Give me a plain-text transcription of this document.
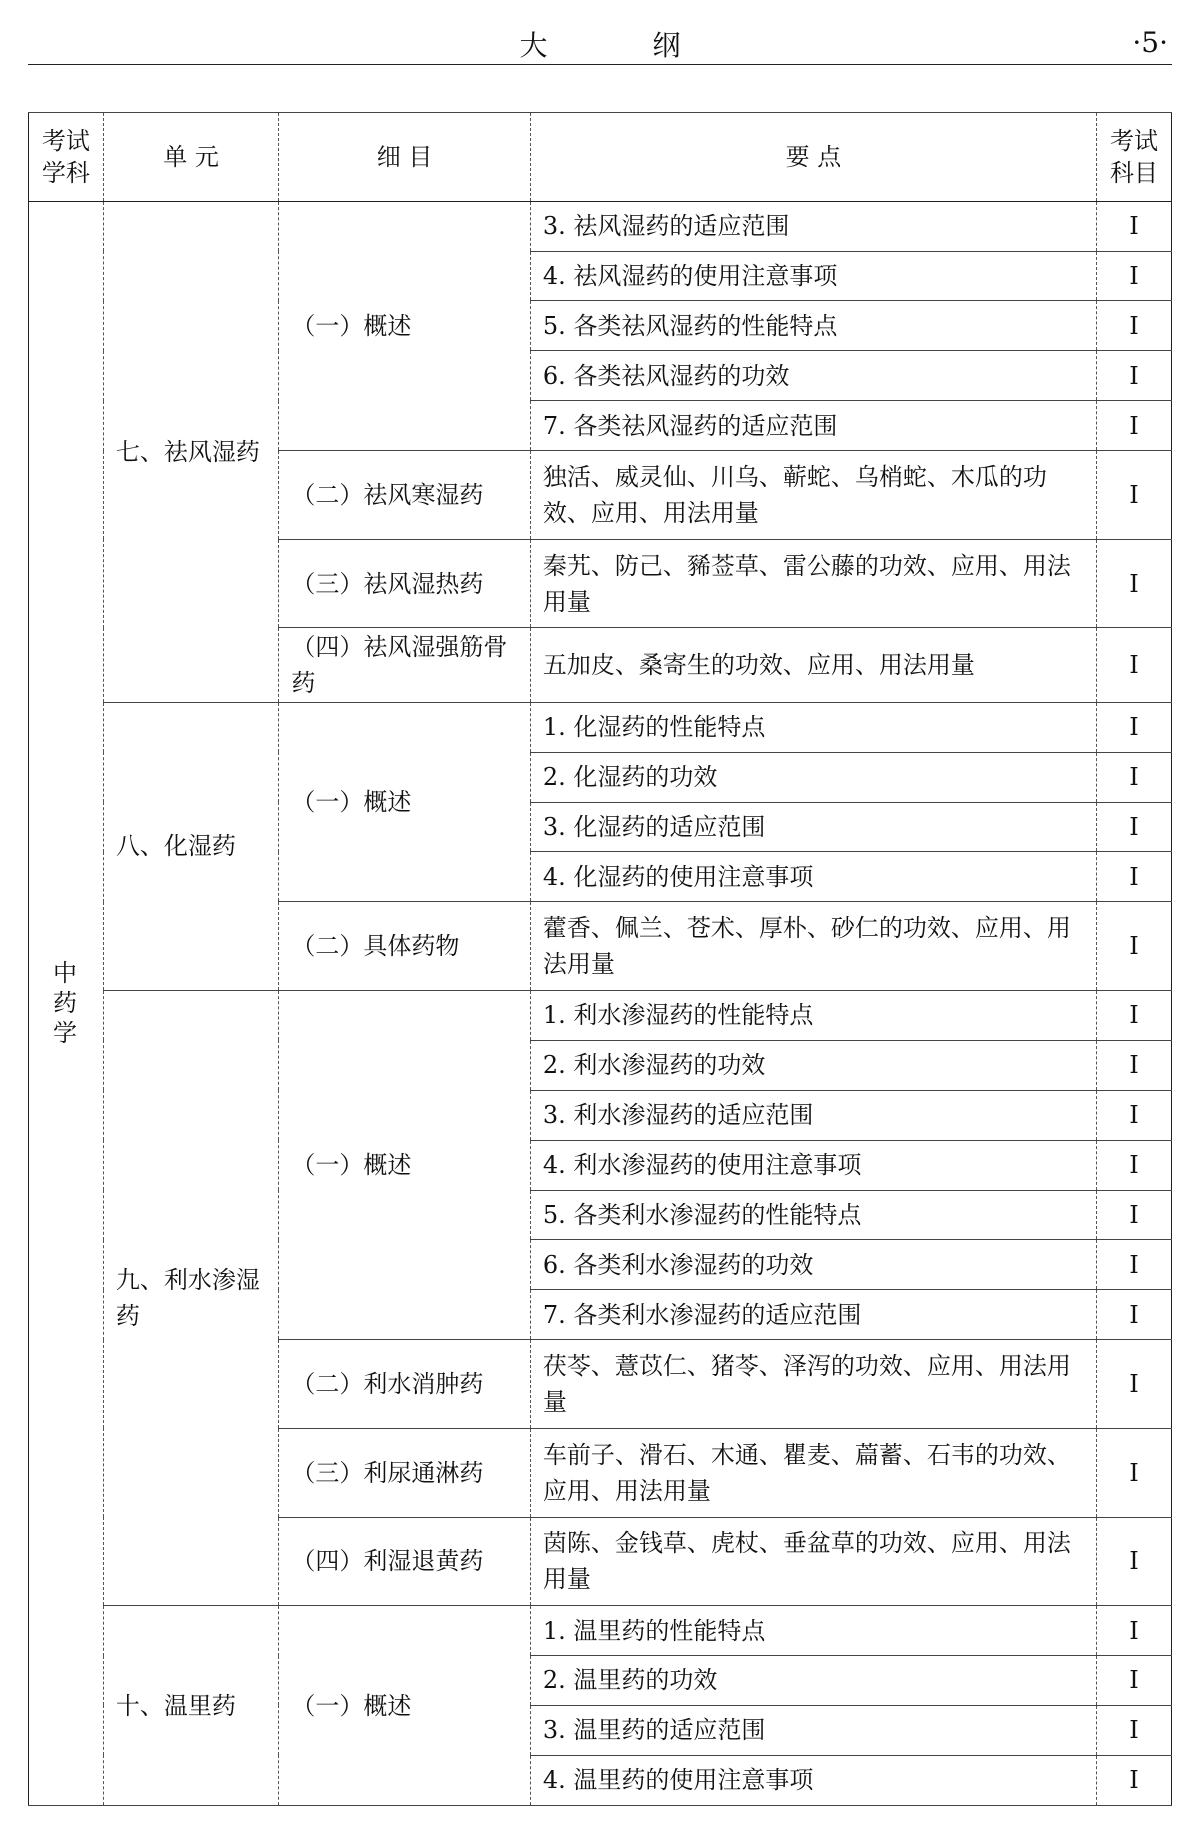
大 纲	·5·
考试学科	单 元	细 目	要 点	考试科目
中药学	七、祛风湿药	（一）概述	3. 祛风湿药的适应范围	Ⅰ
			4. 祛风湿药的使用注意事项	Ⅰ
			5. 各类祛风湿药的性能特点	Ⅰ
			6. 各类祛风湿药的功效	Ⅰ
			7. 各类祛风湿药的适应范围	Ⅰ
		（二）祛风寒湿药	独活、威灵仙、川乌、蕲蛇、乌梢蛇、木瓜的功效、应用、用法用量	Ⅰ
		（三）祛风湿热药	秦艽、防己、豨莶草、雷公藤的功效、应用、用法用量	Ⅰ
		（四）祛风湿强筋骨药	五加皮、桑寄生的功效、应用、用法用量	Ⅰ
	八、化湿药	（一）概述	1. 化湿药的性能特点	Ⅰ
			2. 化湿药的功效	Ⅰ
			3. 化湿药的适应范围	Ⅰ
			4. 化湿药的使用注意事项	Ⅰ
		（二）具体药物	藿香、佩兰、苍术、厚朴、砂仁的功效、应用、用法用量	Ⅰ
	九、利水渗湿药	（一）概述	1. 利水渗湿药的性能特点	Ⅰ
			2. 利水渗湿药的功效	Ⅰ
			3. 利水渗湿药的适应范围	Ⅰ
			4. 利水渗湿药的使用注意事项	Ⅰ
			5. 各类利水渗湿药的性能特点	Ⅰ
			6. 各类利水渗湿药的功效	Ⅰ
			7. 各类利水渗湿药的适应范围	Ⅰ
		（二）利水消肿药	茯苓、薏苡仁、猪苓、泽泻的功效、应用、用法用量	Ⅰ
		（三）利尿通淋药	车前子、滑石、木通、瞿麦、萹蓄、石韦的功效、应用、用法用量	Ⅰ
		（四）利湿退黄药	茵陈、金钱草、虎杖、垂盆草的功效、应用、用法用量	Ⅰ
	十、温里药	（一）概述	1. 温里药的性能特点	Ⅰ
			2. 温里药的功效	Ⅰ
			3. 温里药的适应范围	Ⅰ
			4. 温里药的使用注意事项	Ⅰ
